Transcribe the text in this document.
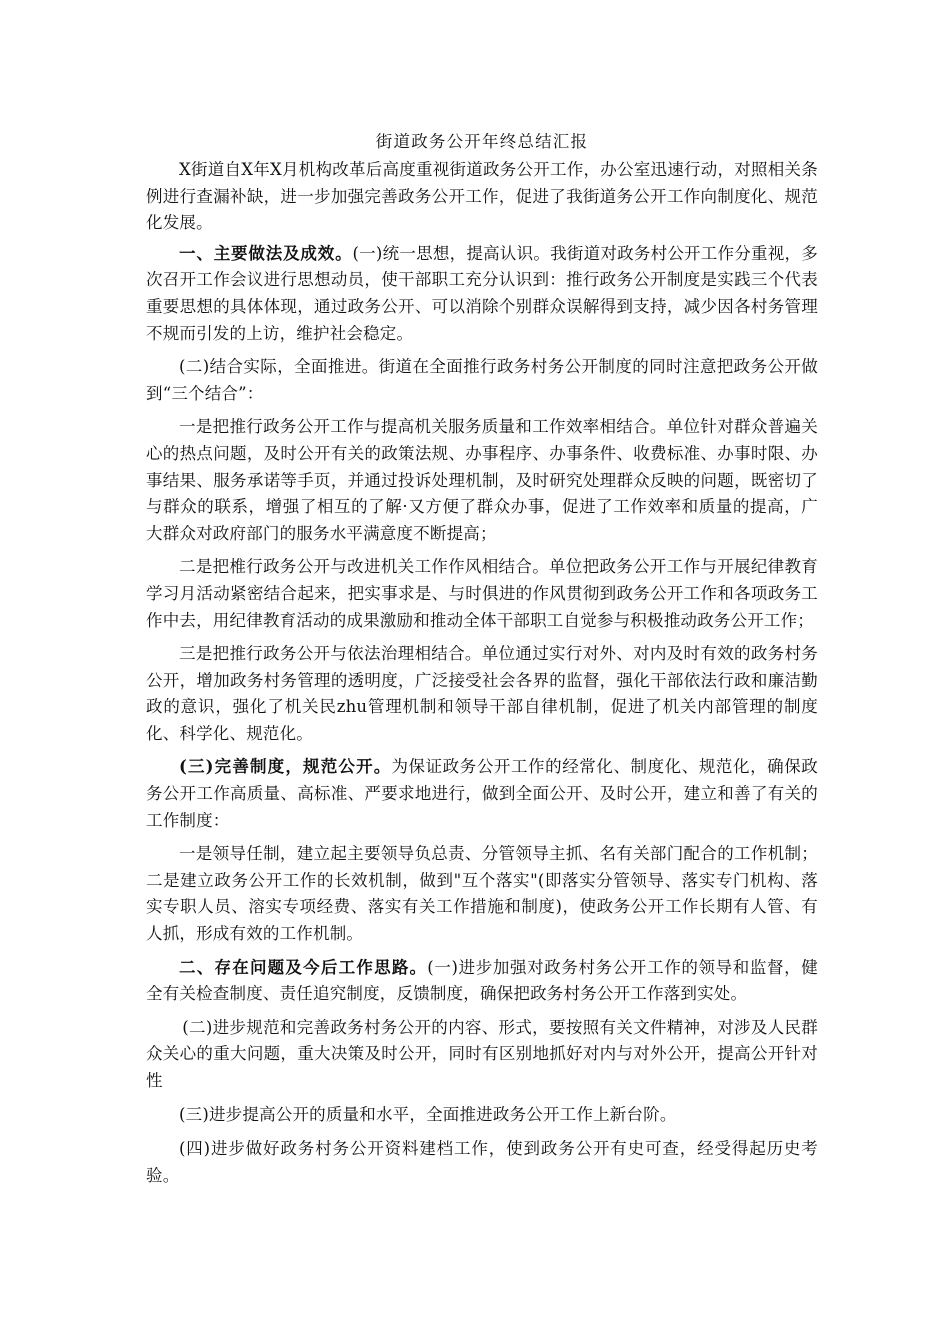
街道政务公开年终总结汇报

X街道自X年X月机构改革后高度重视街道政务公开工作，办公室迅速行动，对照相关条例进行查漏补缺，进一步加强完善政务公开工作，促进了我街道务公开工作向制度化、规范化发展。

一、主要做法及成效。(一)统一思想，提高认识。我街道对政务村公开工作分重视，多次召开工作会议进行思想动员，使干部职工充分认识到：推行政务公开制度是实践三个代表重要思想的具体体现，通过政务公开、可以消除个别群众误解得到支持，减少因各村务管理不规而引发的上访，维护社会稳定。

(二)结合实际，全面推进。街道在全面推行政务村务公开制度的同时注意把政务公开做到“三个结合”：

一是把推行政务公开工作与提高机关服务质量和工作效率相结合。单位针对群众普遍关心的热点问题，及时公开有关的政策法规、办事程序、办事条件、收费标准、办事时限、办事结果、服务承诺等手页，并通过投诉处理机制，及时研究处理群众反映的问题，既密切了与群众的联系，增强了相互的了解·又方便了群众办事，促进了工作效率和质量的提高，广大群众对政府部门的服务水平满意度不断提高；

二是把椎行政务公开与改进机关工作作风相结合。单位把政务公开工作与开展纪律教育学习月活动紧密结合起来，把实事求是、与时俱进的作风贯彻到政务公开工作和各项政务工作中去，用纪律教育活动的成果激励和推动全体干部职工自觉参与积极推动政务公开工作；

三是把推行政务公开与依法治理相结合。单位通过实行对外、对内及时有效的政务村务公开，增加政务村务管理的透明度，广泛接受社会各界的监督，强化干部依法行政和廉洁勤政的意识，强化了机关民zhu管理机制和领导干部自律机制，促进了机关内部管理的制度化、科学化、规范化。

(三)完善制度，规范公开。为保证政务公开工作的经常化、制度化、规范化，确保政务公开工作高质量、高标准、严要求地进行，做到全面公开、及时公开，建立和善了有关的工作制度：

一是领导任制，建立起主要领导负总责、分管领导主抓、名有关部门配合的工作机制；二是建立政务公开工作的长效机制，做到"互个落实"(即落实分管领导、落实专门机构、落实专职人员、溶实专项经费、落实有关工作措施和制度)，使政务公开工作长期有人管、有人抓，形成有效的工作机制。

二、存在问题及今后工作思路。(一)进步加强对政务村务公开工作的领导和监督，健全有关检查制度、责任追究制度，反馈制度，确保把政务村务公开工作落到实处。

(二)进步规范和完善政务村务公开的内容、形式，要按照有关文件精神，对涉及人民群众关心的重大问题，重大决策及时公开，同时有区别地抓好对内与对外公开，提高公开针对性

(三)进步提高公开的质量和水平，全面推进政务公开工作上新台阶。

(四)进步做好政务村务公开资料建档工作，使到政务公开有史可查，经受得起历史考验。
